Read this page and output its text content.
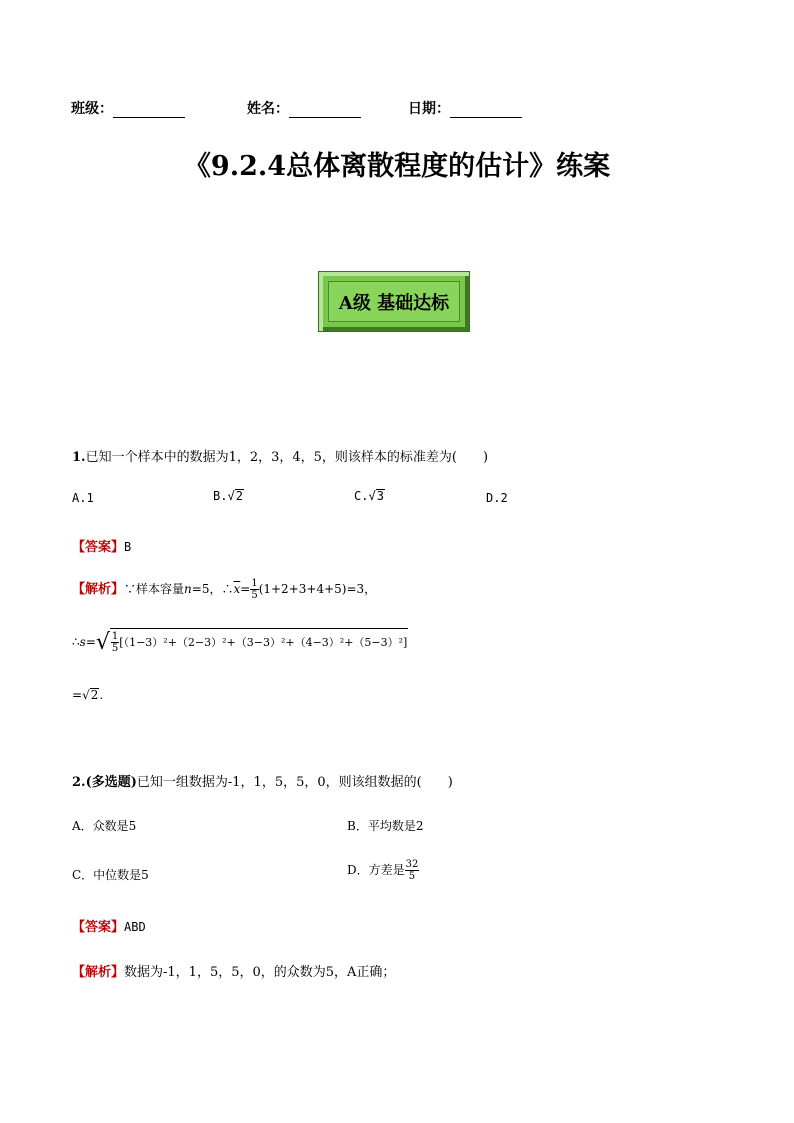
班级：	姓名：	日期：
《9.2.4总体离散程度的估计》练案
A级 基础达标
1.已知一个样本中的数据为1，2，3，4，5，则该样本的标准差为(　　)
A.1	B.√2	C.√3	D.2
【答案】B
【解析】∵样本容量n=5，$\therefore\overline{x}= \frac{1}{5} (1+2+3+4+5)=3$，
∴s=√ $\frac{1}{5} [(1-3)^2+(2-3)^2+(3-3)^2+(4-3)^2+(5-3)^2]$
=√2.
2.(多选题)已知一组数据为-1，1，5，5，0，则该组数据的(　　)
A．众数是5	B．平均数是2
C．中位数是5	D．方差是 $\frac{32}{5}$
【答案】ABD
【解析】数据为-1，1，5，5，0，的众数为5，A正确；
